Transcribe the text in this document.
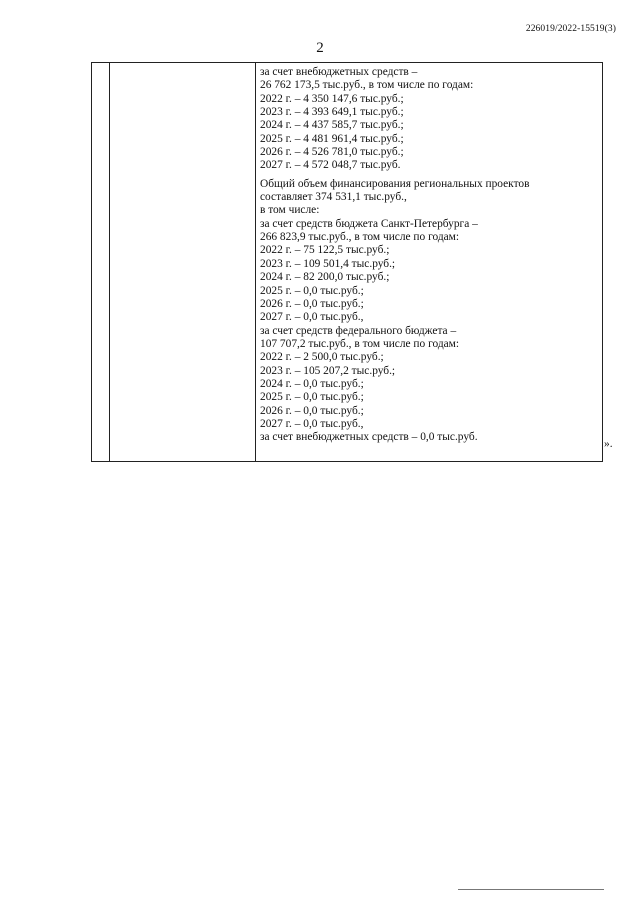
226019/2022-15519(3)
2
за счет внебюджетных средств –
26 762 173,5 тыс.руб., в том числе по годам:
2022 г. – 4 350 147,6 тыс.руб.;
2023 г. – 4 393 649,1 тыс.руб.;
2024 г. – 4 437 585,7 тыс.руб.;
2025 г. – 4 481 961,4 тыс.руб.;
2026 г. – 4 526 781,0 тыс.руб.;
2027 г. – 4 572 048,7 тыс.руб.
Общий объем финансирования региональных проектов
составляет 374 531,1 тыс.руб.,
в том числе:
за счет средств бюджета Санкт-Петербурга –
266 823,9 тыс.руб., в том числе по годам:
2022 г. – 75 122,5 тыс.руб.;
2023 г. – 109 501,4 тыс.руб.;
2024 г. – 82 200,0 тыс.руб.;
2025 г. – 0,0 тыс.руб.;
2026 г. – 0,0 тыс.руб.;
2027 г. – 0,0 тыс.руб.,
за счет средств федерального бюджета –
107 707,2 тыс.руб., в том числе по годам:
2022 г. – 2 500,0 тыс.руб.;
2023 г. – 105 207,2 тыс.руб.;
2024 г. – 0,0 тыс.руб.;
2025 г. – 0,0 тыс.руб.;
2026 г. – 0,0 тыс.руб.;
2027 г. – 0,0 тыс.руб.,
за счет внебюджетных средств – 0,0 тыс.руб.
».
